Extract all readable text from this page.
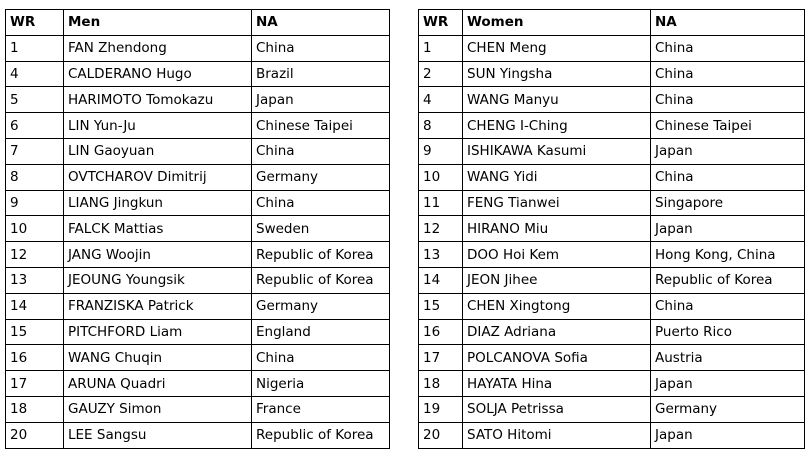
WR	Men	NA
1	FAN Zhendong	China
4	CALDERANO Hugo	Brazil
5	HARIMOTO Tomokazu	Japan
6	LIN Yun-Ju	Chinese Taipei
7	LIN Gaoyuan	China
8	OVTCHAROV Dimitrij	Germany
9	LIANG Jingkun	China
10	FALCK Mattias	Sweden
12	JANG Woojin	Republic of Korea
13	JEOUNG Youngsik	Republic of Korea
14	FRANZISKA Patrick	Germany
15	PITCHFORD Liam	England
16	WANG Chuqin	China
17	ARUNA Quadri	Nigeria
18	GAUZY Simon	France
20	LEE Sangsu	Republic of Korea
WR	Women	NA
1	CHEN Meng	China
2	SUN Yingsha	China
4	WANG Manyu	China
8	CHENG I-Ching	Chinese Taipei
9	ISHIKAWA Kasumi	Japan
10	WANG Yidi	China
11	FENG Tianwei	Singapore
12	HIRANO Miu	Japan
13	DOO Hoi Kem	Hong Kong, China
14	JEON Jihee	Republic of Korea
15	CHEN Xingtong	China
16	DIAZ Adriana	Puerto Rico
17	POLCANOVA Sofia	Austria
18	HAYATA Hina	Japan
19	SOLJA Petrissa	Germany
20	SATO Hitomi	Japan
